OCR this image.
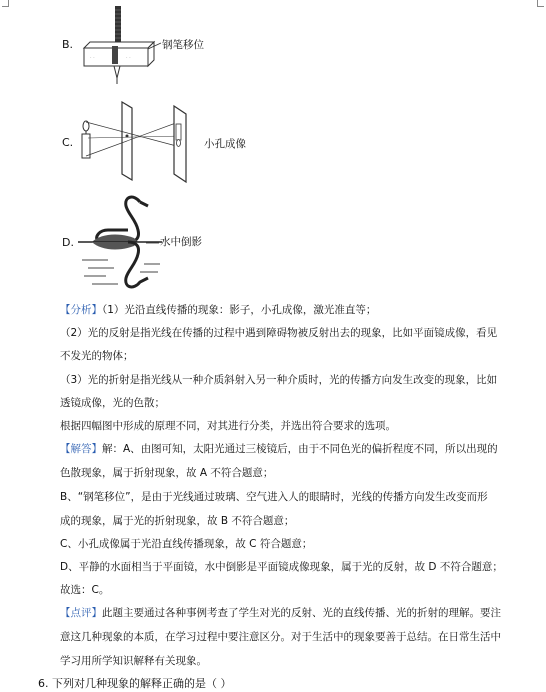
B.
· ·	· ·
钢笔移位
C.	小孔成像
D.	水中倒影
【分析】（1）光沿直线传播的现象：影子，小孔成像，激光准直等；
（2）光的反射是指光线在传播的过程中遇到障碍物被反射出去的现象，比如平面镜成像，看见
不发光的物体；
（3）光的折射是指光线从一种介质斜射入另一种介质时，光的传播方向发生改变的现象，比如
透镜成像，光的色散；
根据四幅图中形成的原理不同，对其进行分类，并选出符合要求的选项。
【解答】解：A、由图可知，太阳光通过三棱镜后，由于不同色光的偏折程度不同，所以出现的
色散现象，属于折射现象，故 A 不符合题意；
B、“钢笔移位”，是由于光线通过玻璃、空气进入人的眼睛时，光线的传播方向发生改变而形
成的现象，属于光的折射现象，故 B 不符合题意；
C、小孔成像属于光沿直线传播现象，故 C 符合题意；
D、平静的水面相当于平面镜，水中倒影是平面镜成像现象，属于光的反射，故 D 不符合题意；
故选：C。
【点评】此题主要通过各种事例考查了学生对光的反射、光的直线传播、光的折射的理解。要注
意这几种现象的本质，在学习过程中要注意区分。对于生活中的现象要善于总结。在日常生活中
学习用所学知识解释有关现象。
6. 下列对几种现象的解释正确的是（ ）
